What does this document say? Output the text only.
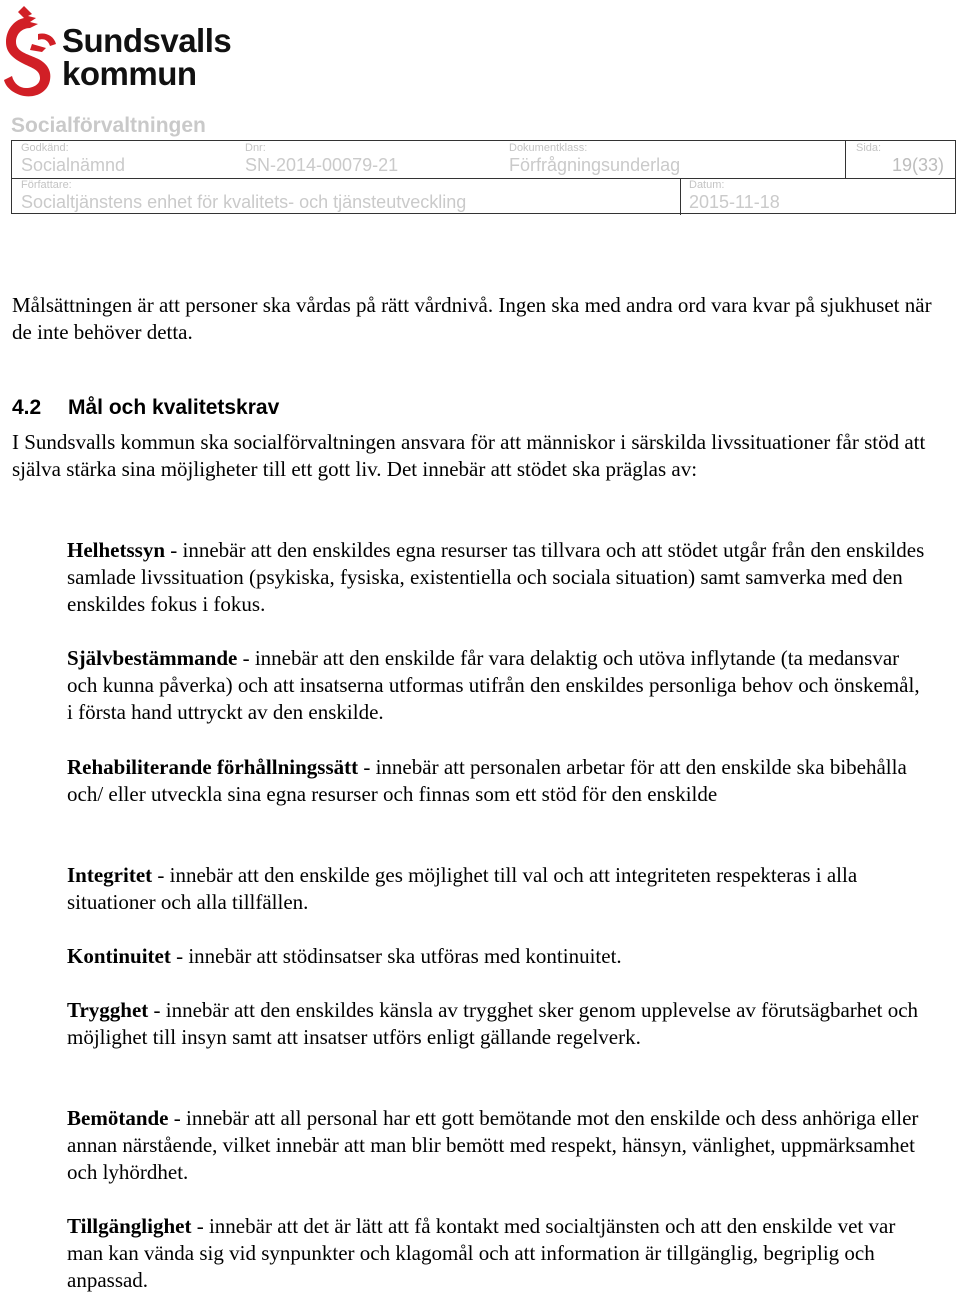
Sundsvalls
kommun
Socialförvaltningen
Godkänd:
Socialnämnd
Dnr:
SN-2014-00079-21
Dokumentklass:
Förfrågningsunderlag
Sida:
19(33)
Författare:
Socialtjänstens enhet för kvalitets- och tjänsteutveckling
Datum:
2015-11-18
Målsättningen är att personer ska vårdas på rätt vårdnivå. Ingen ska med andra ord vara kvar på sjukhuset när de inte behöver detta.
4.2 Mål och kvalitetskrav
I Sundsvalls kommun ska socialförvaltningen ansvara för att människor i särskilda livssituationer får stöd att själva stärka sina möjligheter till ett gott liv. Det innebär att stödet ska präglas av:
Helhetssyn - innebär att den enskildes egna resurser tas tillvara och att stödet utgår från den enskildes samlade livssituation (psykiska, fysiska, existentiella och sociala situation) samt samverka med den enskildes fokus i fokus.
Självbestämmande - innebär att den enskilde får vara delaktig och utöva inflytande (ta medansvar och kunna påverka) och att insatserna utformas utifrån den enskildes personliga behov och önskemål, i första hand uttryckt av den enskilde.
Rehabiliterande förhållningssätt - innebär att personalen arbetar för att den enskilde ska bibehålla och/ eller utveckla sina egna resurser och finnas som ett stöd för den enskilde
Integritet - innebär att den enskilde ges möjlighet till val och att integriteten respekteras i alla situationer och alla tillfällen.
Kontinuitet - innebär att stödinsatser ska utföras med kontinuitet.
Trygghet - innebär att den enskildes känsla av trygghet sker genom upplevelse av förutsägbarhet och möjlighet till insyn samt att insatser utförs enligt gällande regelverk.
Bemötande - innebär att all personal har ett gott bemötande mot den enskilde och dess anhöriga eller annan närstående, vilket innebär att man blir bemött med respekt, hänsyn, vänlighet, uppmärksamhet och lyhördhet.
Tillgänglighet - innebär att det är lätt att få kontakt med socialtjänsten och att den enskilde vet var man kan vända sig vid synpunkter och klagomål och att information är tillgänglig, begriplig och anpassad.
